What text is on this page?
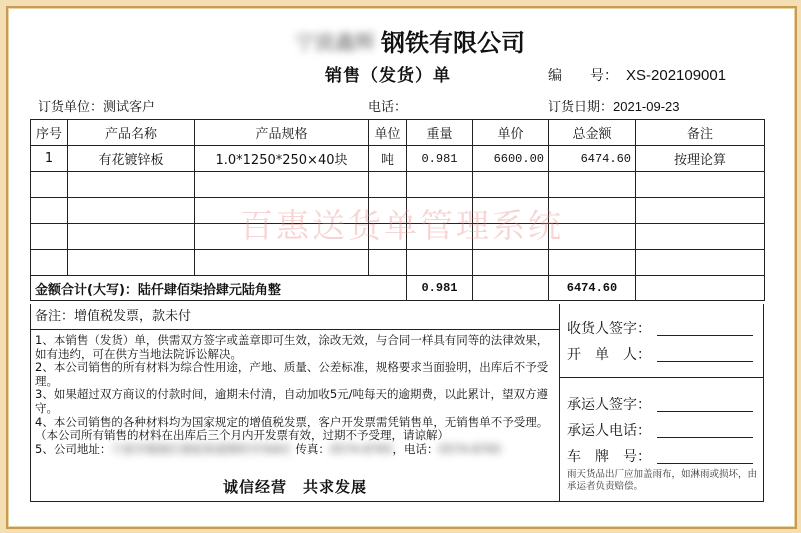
宁波鑫辉 钢铁有限公司
销售（发货）单	编　　号： XS-202109001
订货单位：测试客户	电话：	订货日期：2021-09-23
序号	产品名称	产品规格	单位	重量	单价	总金额	备注
1	有花镀锌板	1.0*1250*250×40块	吨	0.981	6600.00	6474.60	按理论算

金额合计(大写)：陆仟肆佰柒拾肆元陆角整				0.981		6474.60	
百惠送货单管理系统
备注：增值税发票，款未付

1、本销售（发货）单，供需双方签字或盖章即可生效，涂改无效，与合同一样具有同等的法律效果，如有违约，可在供方当地法院诉讼解决。

2、本公司销售的所有材料为综合性用途，产地、质量、公差标准，规格要求当面验明，出库后不予受理。

3、如果超过双方商议的付款时间，逾期未付清，自动加收5元/吨每天的逾期费，以此累计，望双方遵守。

4、本公司销售的各种材料均为国家规定的增值税发票，客户开发票需凭销售单，无销售单不予受理。（本公司所有销售的材料在出库后三个月内开发票有效，过期不予受理，请谅解）

5、公司地址：宁波市镇海区骆驼街道钢材市场A区 传真：0574-8765，电话：0574-8765

诚信经营　共求发展
收货人签字：
开　单　人：
承运人签字：
承运人电话：
车　牌　号：
雨天货品出厂应加盖雨布，如淋雨或损坏，由承运者负责赔偿。
